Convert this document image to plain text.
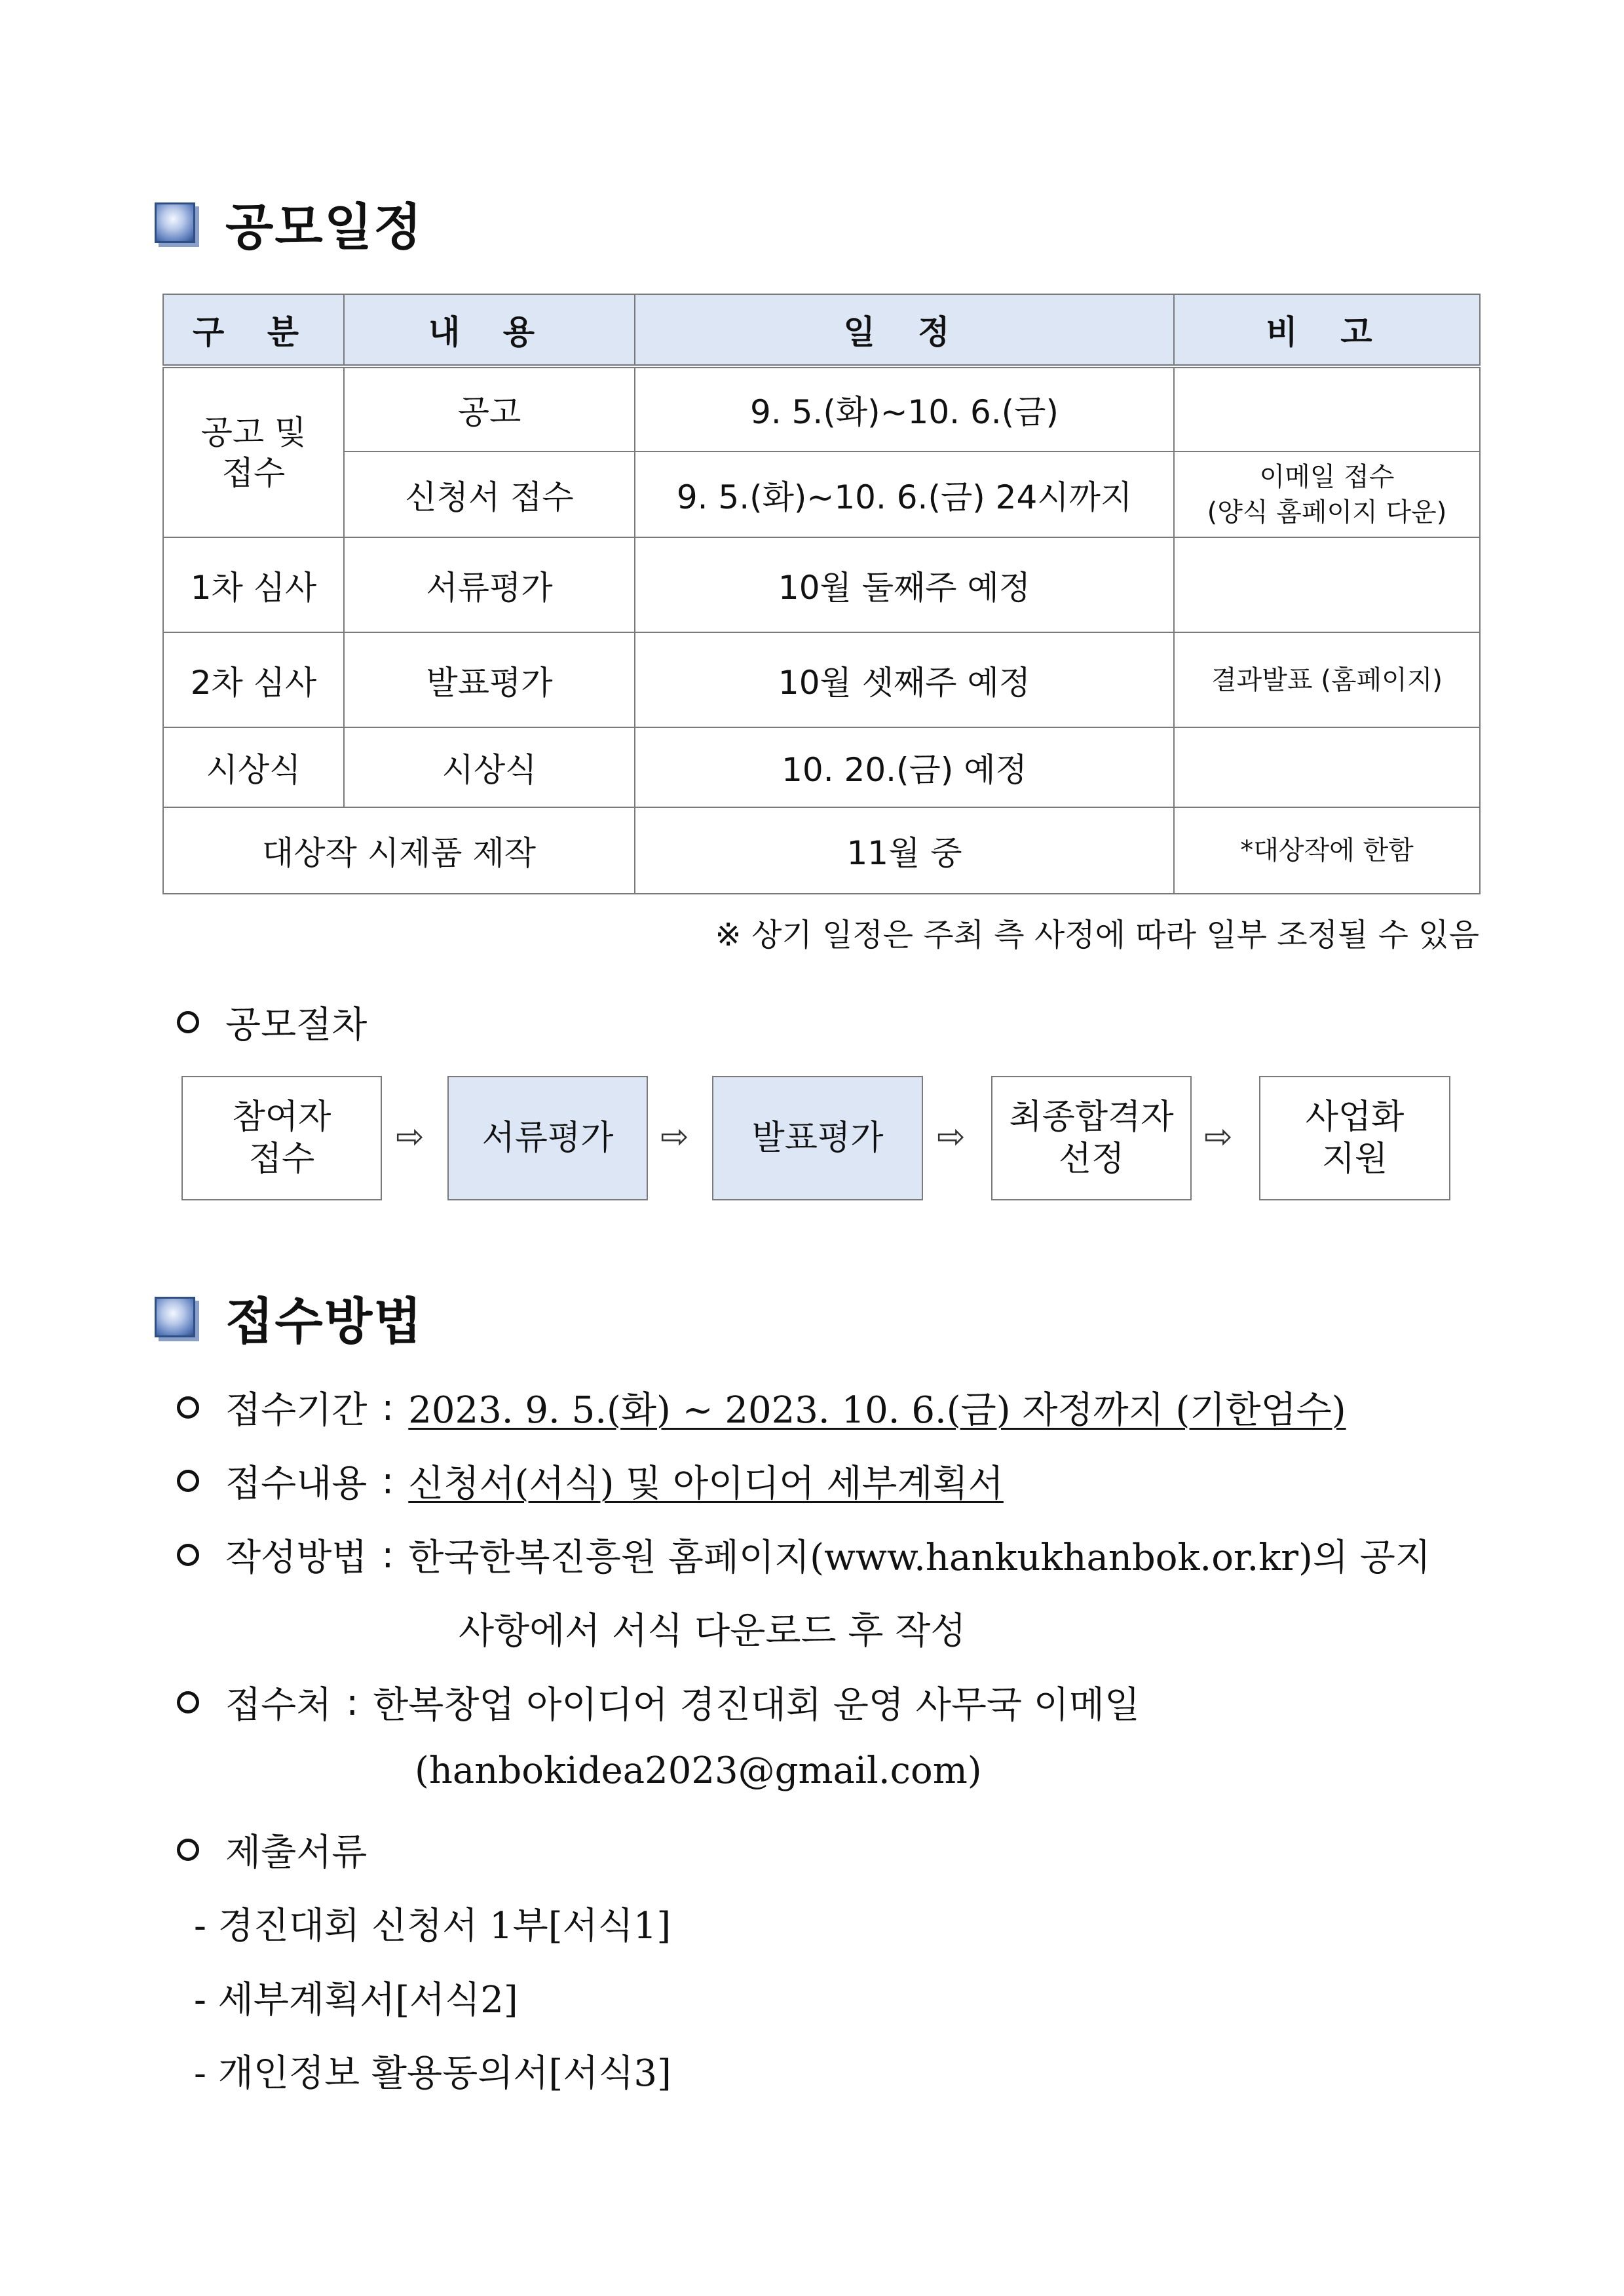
공모일정
구 분	내 용	일 정	비 고

공고 및 접수	공고	9. 5.(화)~10. 6.(금)	
	신청서 접수	9. 5.(화)~10. 6.(금) 24시까지	이메일 접수
(양식 홈페이지 다운)

1차 심사	서류평가	10월 둘째주 예정	
2차 심사	발표평가	10월 셋째주 예정	결과발표 (홈페이지)
시상식	시상식	10. 20.(금) 예정	
대상작 시제품 제작		11월 중	*대상작에 한함
※ 상기 일정은 주최 측 사정에 따라 일부 조정될 수 있음
공모절차
참여자
접수
⇨ 서류평가 ⇨ 발표평가 ⇨ 최종합격자
선정
⇨ 사업화
지원
접수방법
접수기간 : 2023. 9. 5.(화) ~ 2023. 10. 6.(금) 자정까지 (기한엄수)
접수내용 : 신청서(서식) 및 아이디어 세부계획서
작성방법 : 한국한복진흥원 홈페이지(www.hankukhanbok.or.kr)의 공지
사항에서 서식 다운로드 후 작성
접수처 : 한복창업 아이디어 경진대회 운영 사무국 이메일
(hanbokidea2023@gmail.com)
제출서류
- 경진대회 신청서 1부[서식1]
- 세부계획서[서식2]
- 개인정보 활용동의서[서식3]
